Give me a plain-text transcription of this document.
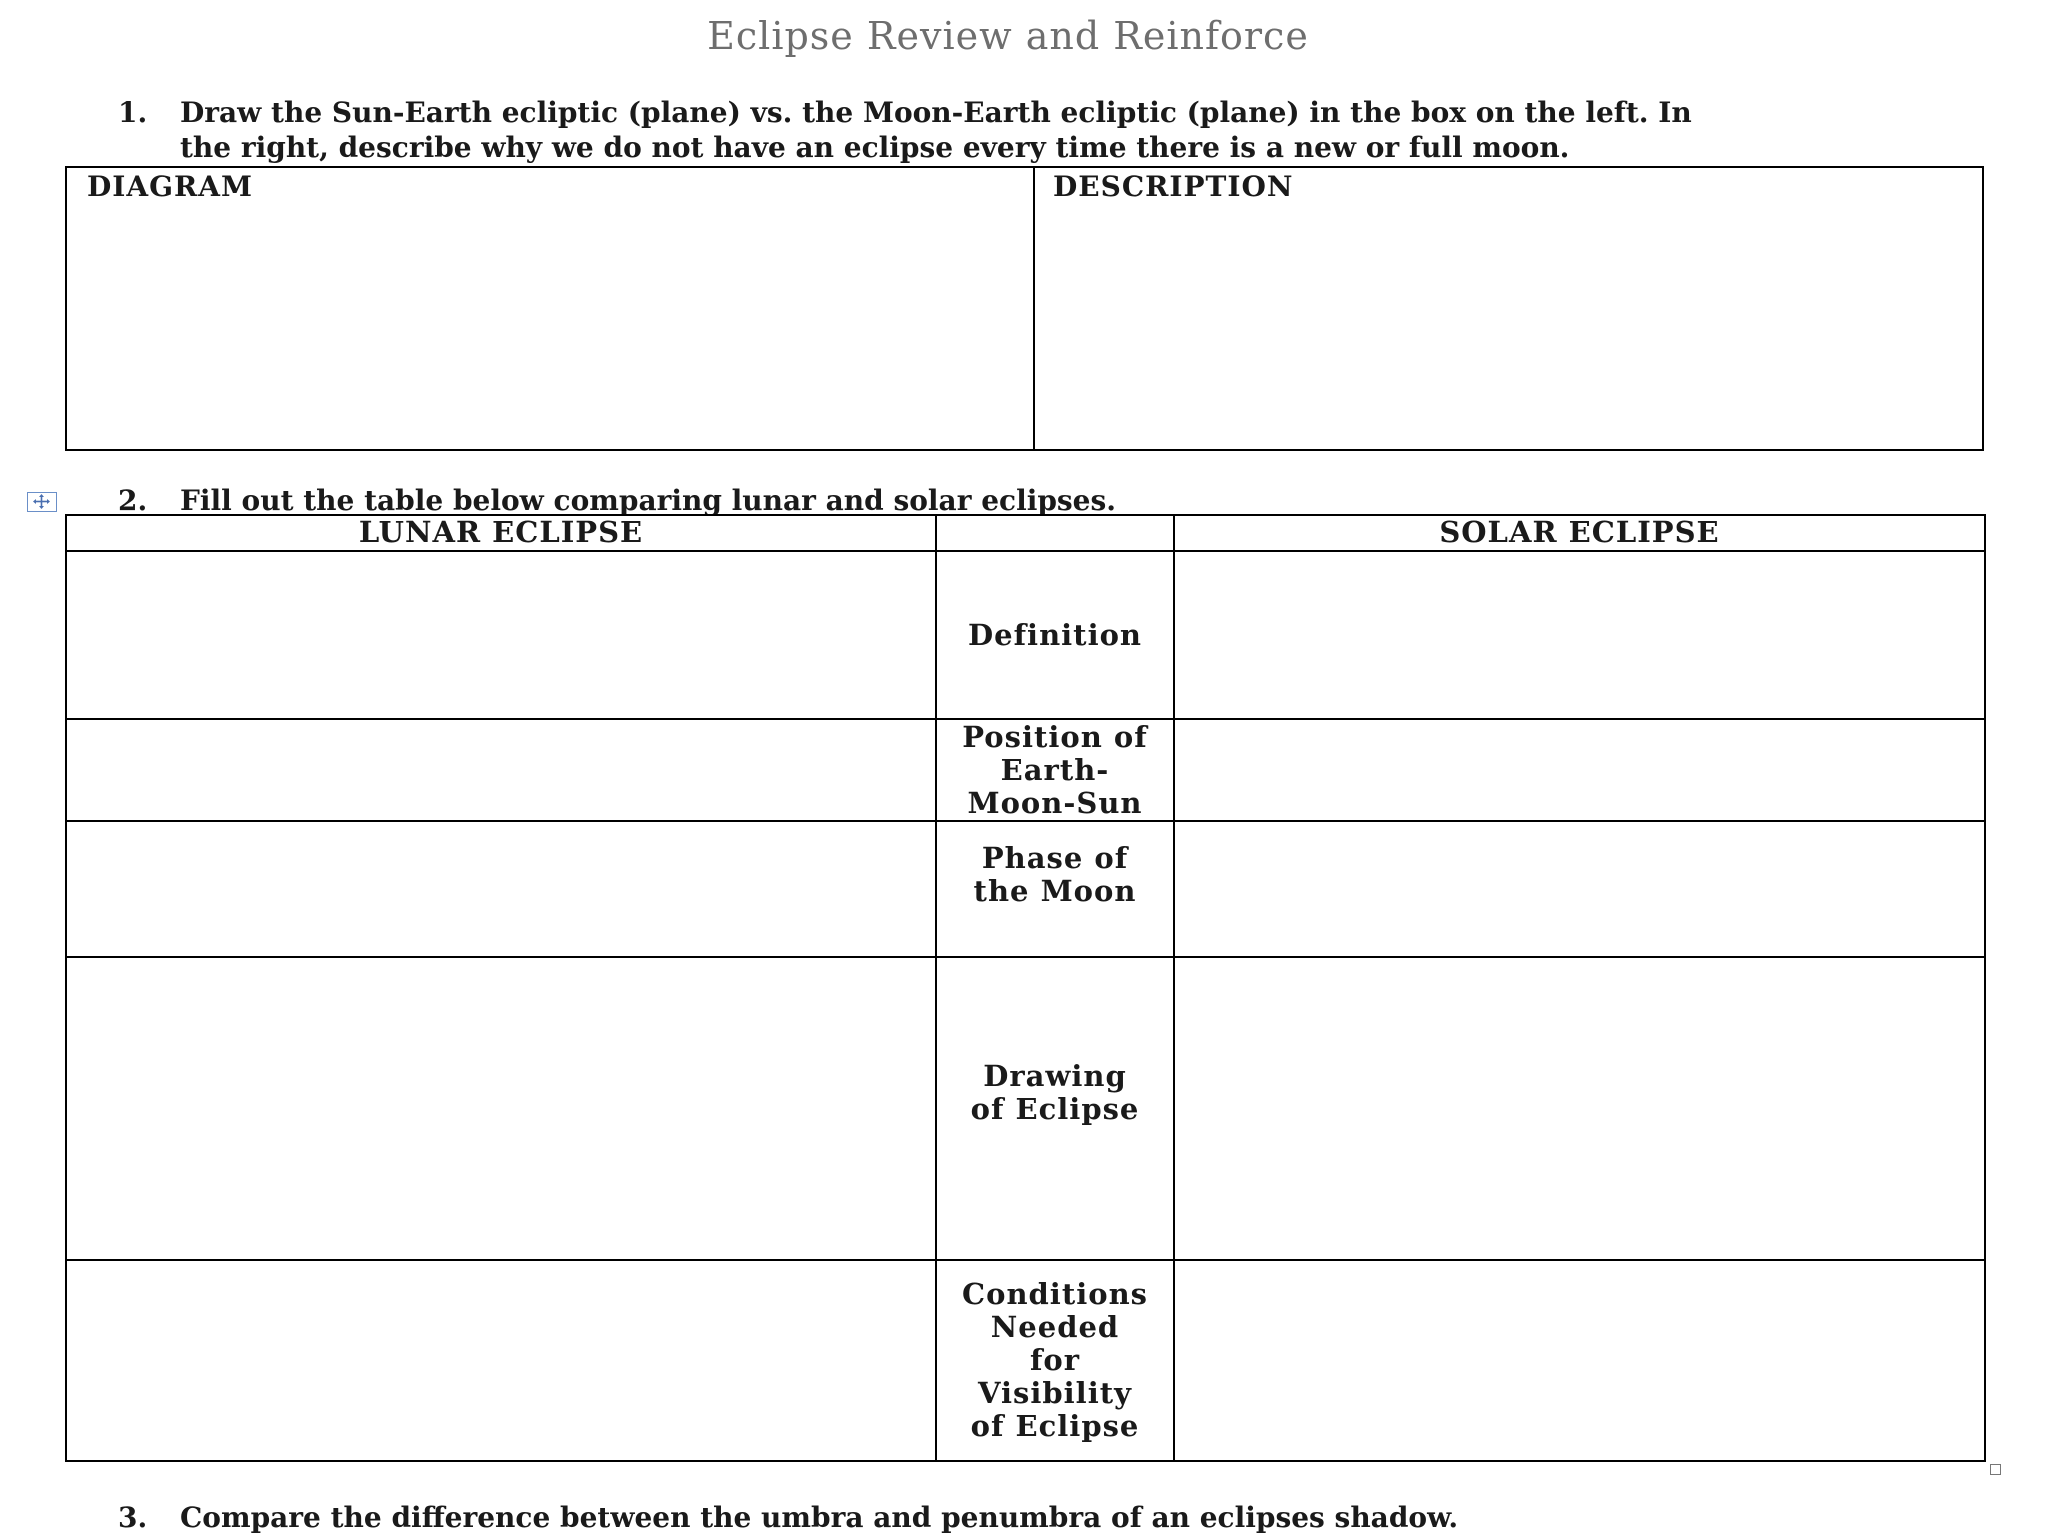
Eclipse Review and Reinforce
1. Draw the Sun-Earth ecliptic (plane) vs. the Moon-Earth ecliptic (plane) in the box on the left. In
the right, describe why we do not have an eclipse every time there is a new or full moon.
DIAGRAM	DESCRIPTION
2. Fill out the table below comparing lunar and solar eclipses.
LUNAR ECLIPSE		SOLAR ECLIPSE
	Definition	
	Position of
Earth-
Moon-Sun	
	Phase of
the Moon	
	Drawing
of Eclipse	
	Conditions
Needed
for
Visibility
of Eclipse	
3. Compare the difference between the umbra and penumbra of an eclipses shadow.
